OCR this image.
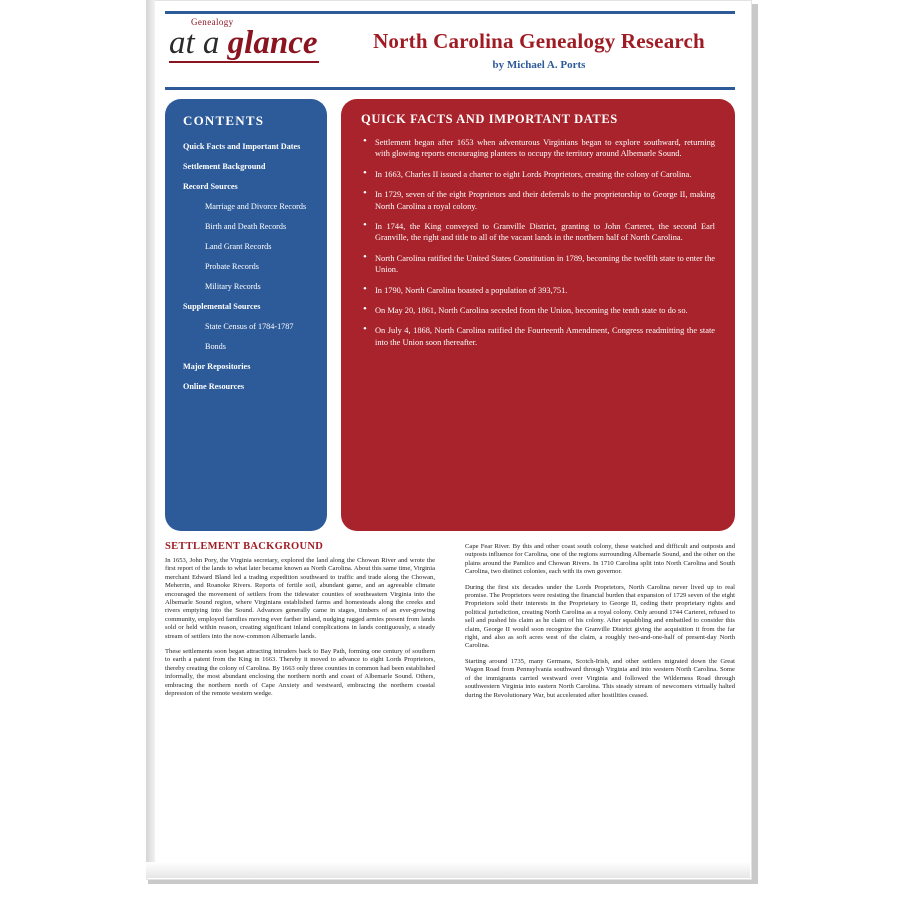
Genealogy
at a glance	North Carolina Genealogy Research
by Michael A. Ports
CONTENTS
Quick Facts and Important Dates
Settlement Background
Record Sources
Marriage and Divorce Records
Birth and Death Records
Land Grant Records
Probate Records
Military Records
Supplemental Sources
State Census of 1784-1787
Bonds
Major Repositories
Online Resources
QUICK FACTS AND IMPORTANT DATES
• Settlement began after 1653 when adventurous Virginians began to explore southward, returning with glowing reports encouraging planters to occupy the territory around Albemarle Sound.
• In 1663, Charles II issued a charter to eight Lords Proprietors, creating the colony of Carolina.
• In 1729, seven of the eight Proprietors and their deferrals to the proprietorship to George II, making North Carolina a royal colony.
• In 1744, the King conveyed to Granville District, granting to John Carteret, the second Earl Granville, the right and title to all of the vacant lands in the northern half of North Carolina.
• North Carolina ratified the United States Constitution in 1789, becoming the twelfth state to enter the Union.
• In 1790, North Carolina boasted a population of 393,751.
• On May 20, 1861, North Carolina seceded from the Union, becoming the tenth state to do so.
• On July 4, 1868, North Carolina ratified the Fourteenth Amendment, Congress readmitting the state into the Union soon thereafter.
SETTLEMENT BACKGROUND

In 1653, John Pory, the Virginia secretary, explored the land along the Chowan River and wrote the first report of the lands to what later became known as North Carolina. About this same time, Virginia merchant Edward Bland led a trading expedition southward to traffic and trade along the Chowan, Meherrin, and Roanoke Rivers. Reports of fertile soil, abundant game, and an agreeable climate encouraged the movement of settlers from the tidewater counties of southeastern Virginia into the Albemarle Sound region, where Virginians established farms and homesteads along the creeks and rivers emptying into the Sound. Advances generally came in stages, timbers of an ever-growing community, employed families moving ever farther inland, nudging ragged armies present from lands sold or held within reason, creating significant inland complications in lands contiguously, a steady stream of settlers into the now-common Albemarle lands.

These settlements soon began attracting intruders back to Bay Path, forming one century of southern to earth a patent from the King in 1663. Thereby it moved to advance to eight Lords Proprietors, thereby creating the colony of Carolina. By 1663 only three counties in common had been established informally, the most abundant enclosing the northern north and coast of Albemarle Sound. Others, embracing the northern north of Cape Anxiety and westward, embracing the northern coastal depression of the remote western wedge.

Cape Fear River. By this and other coast south colony, these watched and difficult and outposts and outposts influence for Carolina, one of the regions surrounding Albemarle Sound, and the other on the plains around the Pamlico and Chowan Rivers. In 1710 Carolina split into North Carolina and South Carolina, two distinct colonies, each with its own governor.

During the first six decades under the Lords Proprietors, North Carolina never lived up to real promise. The Proprietors were resisting the financial burden that expansion of 1729 seven of the eight Proprietors sold their interests in the Proprietary to George II, ceding their proprietary rights and political jurisdiction, creating North Carolina as a royal colony. Only around 1744 Carteret, refused to sell and pushed his claim as he claim of his colony. After squabbling and embattled to consider this claim, George II would soon recognize the Granville District giving the acquisition it from the far right, and also as soft acres west of the claim, a roughly two-and-one-half of present-day North Carolina.

Starting around 1735, many Germans, Scotch-Irish, and other settlers migrated down the Great Wagon Road from Pennsylvania southward through Virginia and into western North Carolina. Some of the immigrants carried westward over Virginia and followed the Wilderness Road through southwestern Virginia into eastern North Carolina. This steady stream of newcomers virtually halted during the Revolutionary War, but accelerated after hostilities ceased.
